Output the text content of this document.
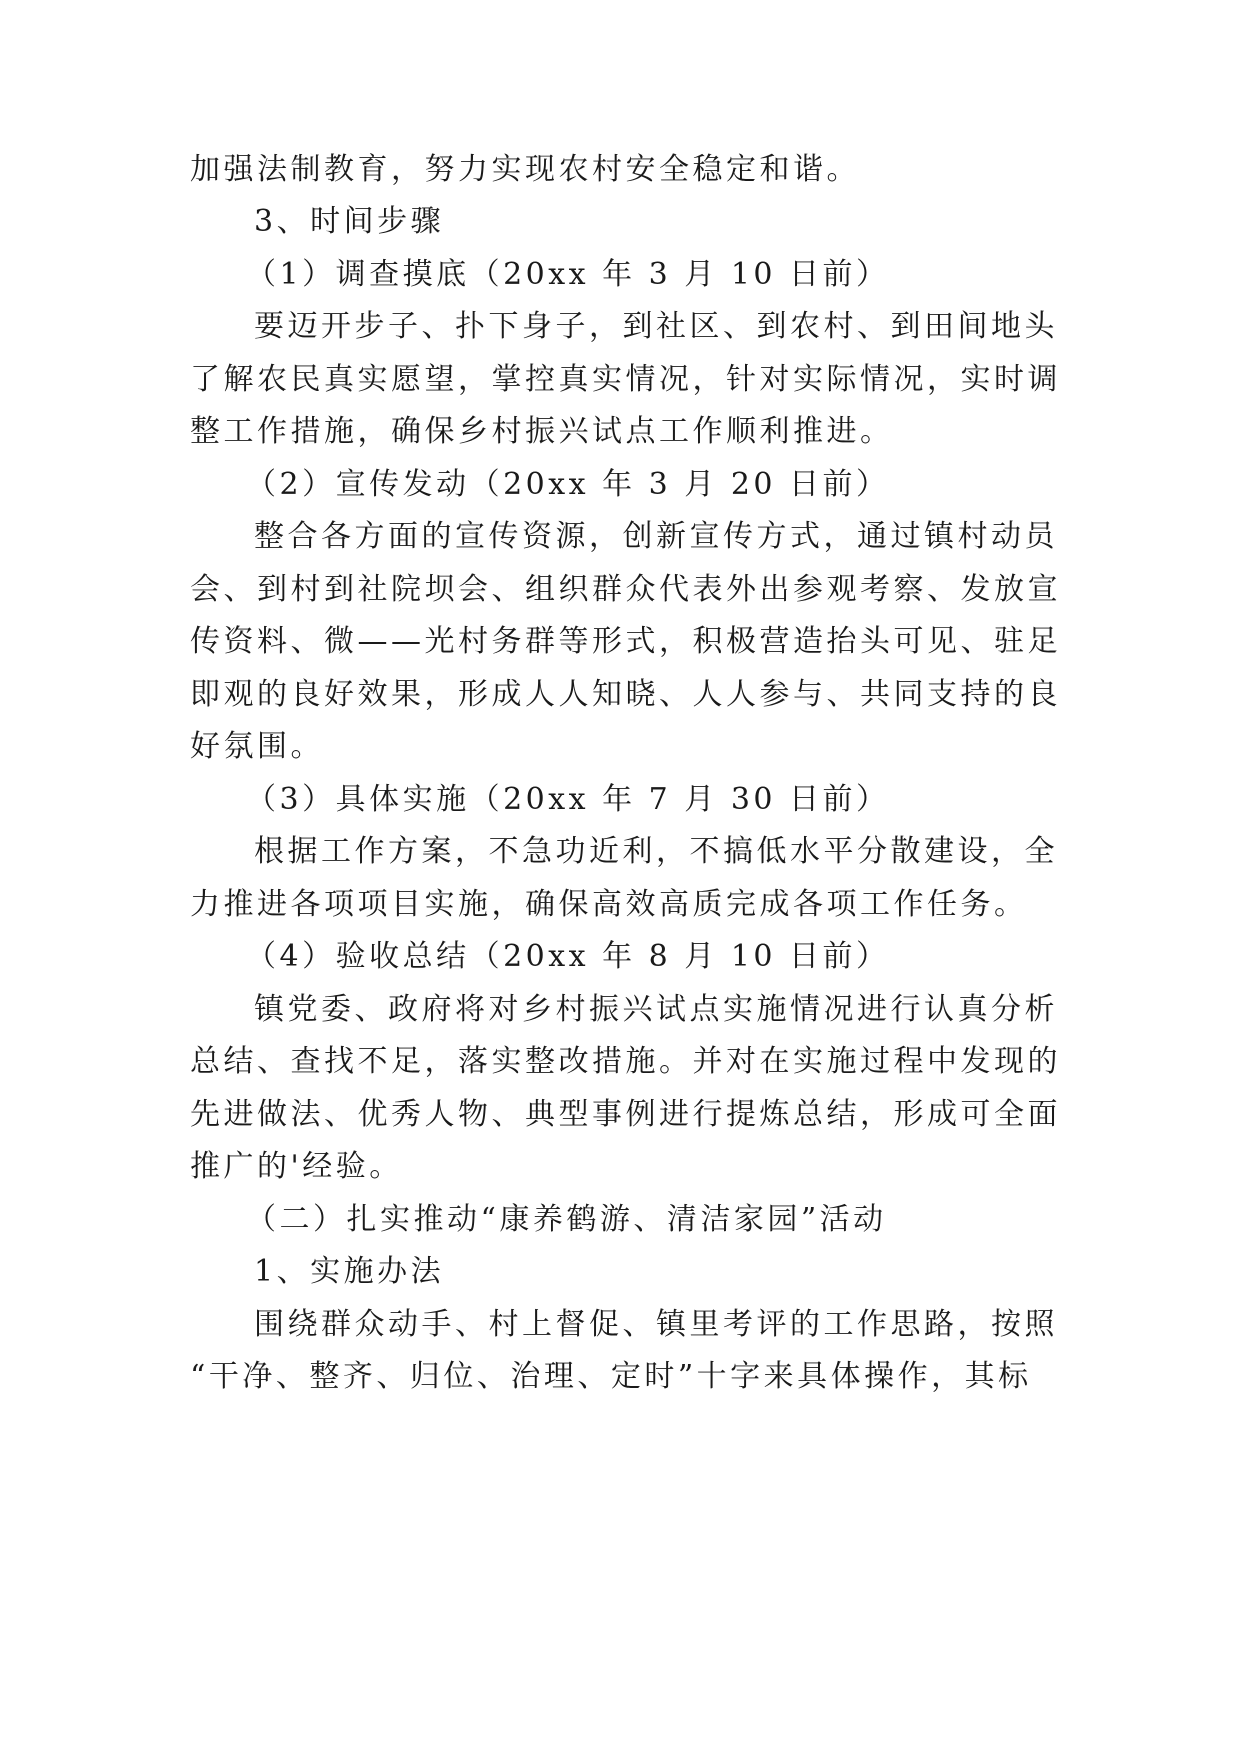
加强法制教育，努力实现农村安全稳定和谐。
3、时间步骤
（1）调查摸底（20xx 年 3 月 10 日前）
要迈开步子、扑下身子，到社区、到农村、到田间地头
了解农民真实愿望，掌控真实情况，针对实际情况，实时调
整工作措施，确保乡村振兴试点工作顺利推进。
（2）宣传发动（20xx 年 3 月 20 日前）
整合各方面的宣传资源，创新宣传方式，通过镇村动员
会、到村到社院坝会、组织群众代表外出参观考察、发放宣
传资料、微——光村务群等形式，积极营造抬头可见、驻足
即观的良好效果，形成人人知晓、人人参与、共同支持的良
好氛围。
（3）具体实施（20xx 年 7 月 30 日前）
根据工作方案，不急功近利，不搞低水平分散建设，全
力推进各项项目实施，确保高效高质完成各项工作任务。
（4）验收总结（20xx 年 8 月 10 日前）
镇党委、政府将对乡村振兴试点实施情况进行认真分析
总结、查找不足，落实整改措施。并对在实施过程中发现的
先进做法、优秀人物、典型事例进行提炼总结，形成可全面
推广的'经验。
（二）扎实推动“康养鹤游、清洁家园”活动
1、实施办法
围绕群众动手、村上督促、镇里考评的工作思路，按照
“干净、整齐、归位、治理、定时”十字来具体操作，其标
